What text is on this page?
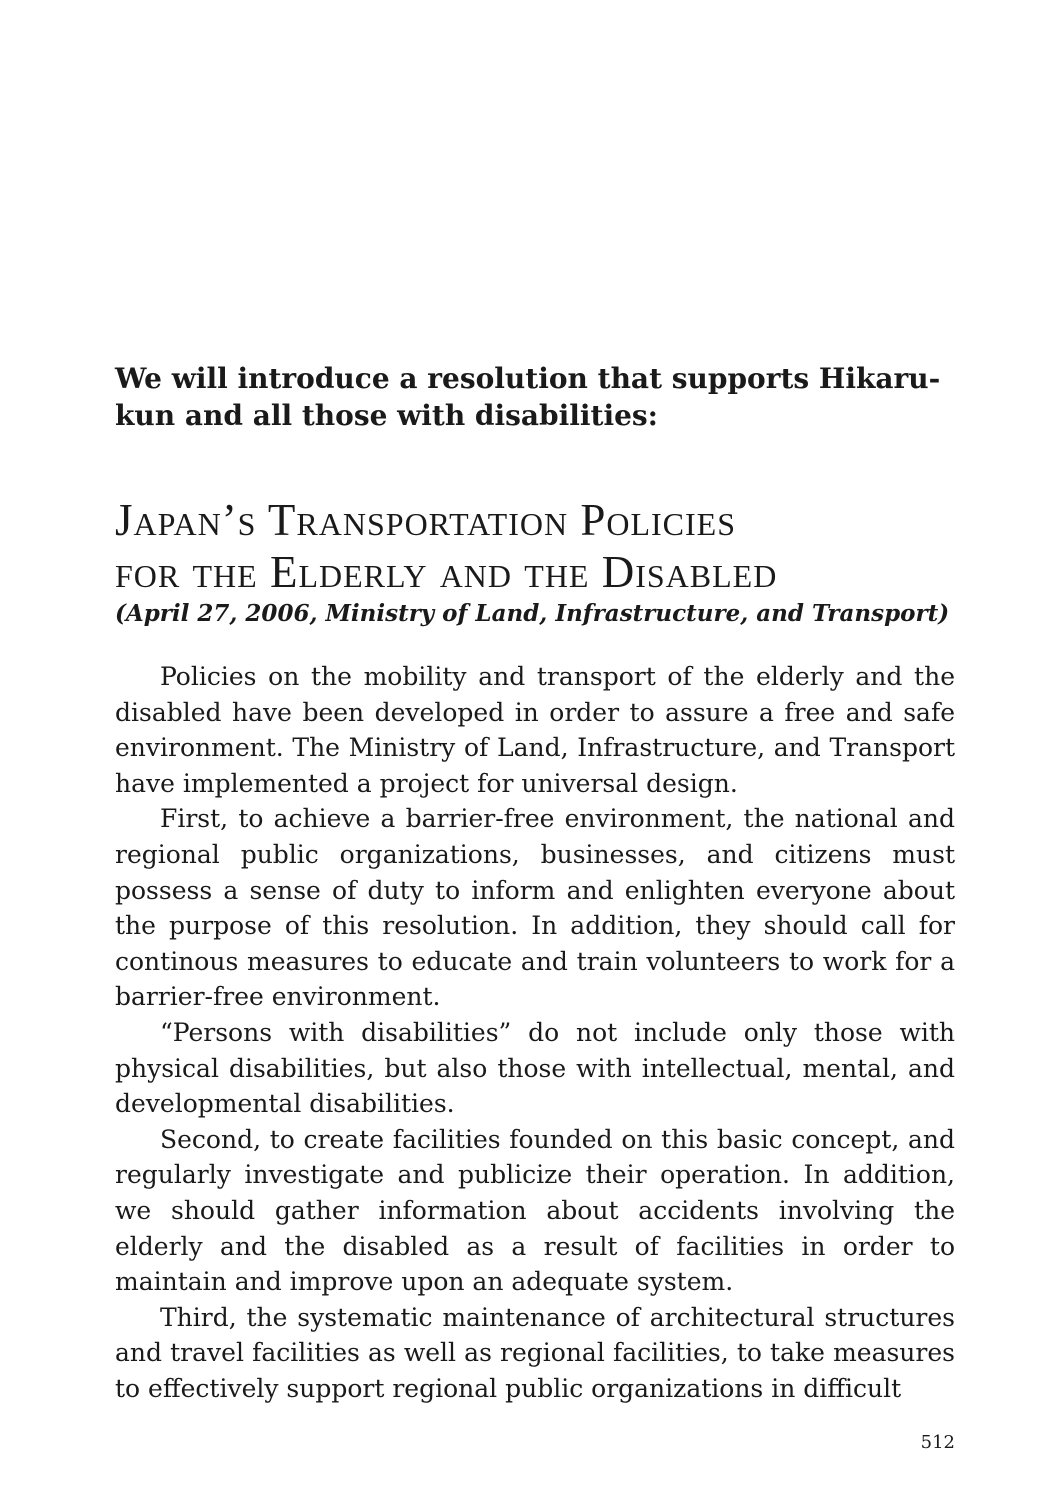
We will introduce a resolution that supports Hikaru-kun and all those with disabilities:

Japan’s Transportation Policies
for the Elderly and the Disabled

(April 27, 2006, Ministry of Land, Infrastructure, and Transport)

Policies on the mobility and transport of the elderly and the disabled have been developed in order to assure a free and safe environment. The Ministry of Land, Infrastructure, and Transport have implemented a project for universal design.

First, to achieve a barrier-free environment, the national and regional public organizations, businesses, and citizens must possess a sense of duty to inform and enlighten everyone about the purpose of this resolution. In addition, they should call for continous measures to educate and train volunteers to work for a barrier-free environment.

“Persons with disabilities” do not include only those with physical disabilities, but also those with intellectual, mental, and developmental disabilities.

Second, to create facilities founded on this basic concept, and regularly investigate and publicize their operation. In addition, we should gather information about accidents involving the elderly and the disabled as a result of facilities in order to maintain and improve upon an adequate system.

Third, the systematic maintenance of architectural structures and travel facilities as well as regional facilities, to take measures to effectively support regional public organizations in difficult

512
